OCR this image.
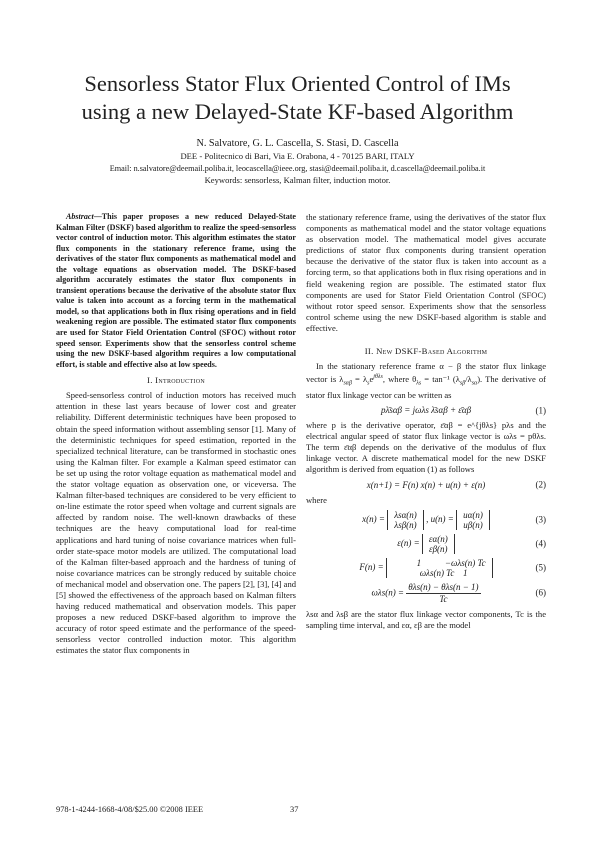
Sensorless Stator Flux Oriented Control of IMs
using a new Delayed-State KF-based Algorithm
N. Salvatore, G. L. Cascella, S. Stasi, D. Cascella
DEE - Politecnico di Bari, Via E. Orabona, 4 - 70125 BARI, ITALY
Email: n.salvatore@deemail.poliba.it, leocascella@ieee.org, stasi@deemail.poliba.it, d.cascella@deemail.poliba.it
Keywords: sensorless, Kalman filter, induction motor.

Abstract—This paper proposes a new reduced Delayed-State Kalman Filter (DSKF) based algorithm to realize the speed-sensorless vector control of induction motor. This algorithm estimates the stator flux components in the stationary reference frame, using the derivatives of the stator flux components as mathematical model and the voltage equations as observation model. The DSKF-based algorithm accurately estimates the stator flux components in transient operations because the derivative of the absolute stator flux value is taken into account as a forcing term in the mathematical model, so that applications both in flux rising operations and in field weakening region are possible. The estimated stator flux components are used for Stator Field Orientation Control (SFOC) without rotor speed sensor. Experiments show that the sensorless control scheme using the new DSKF-based algorithm requires a low computational effort, is stable and effective also at low speeds.

I. Introduction

Speed-sensorless control of induction motors has received much attention in these last years because of lower cost and greater reliability. Different deterministic techniques have been proposed to obtain the speed information without assembling sensor [1]. Many of the deterministic techniques for speed estimation, reported in the specialized technical literature, can be transformed in stochastic ones using the Kalman filter. For example a Kalman speed estimator can be set up using the rotor voltage equation as mathematical model and the stator voltage equation as observation one, or viceversa. The Kalman filter-based techniques are considered to be very efficient to on-line estimate the rotor speed when voltage and current signals are affected by random noise. The well-known drawbacks of these techniques are the heavy computational load for real-time applications and hard tuning of noise covariance matrices when full-order state-space motor models are utilized. The computational load of the Kalman filter-based approach and the hardness of tuning of noise covariance matrices can be strongly reduced by suitable choice of mechanical model and observation one. The papers [2], [3], [4] and [5] showed the effectiveness of the approach based on Kalman filters having reduced mathematical and observation models. This paper proposes a new reduced DSKF-based algorithm to improve the accuracy of rotor speed estimate and the performance of the speed-sensorless vector controlled induction motor. This algorithm estimates the stator flux components in

the stationary reference frame, using the derivatives of the stator flux components as mathematical model and the stator voltage equations as observation model. The mathematical model gives accurate predictions of stator flux components during transient operation because the derivative of the stator flux is taken into account as a forcing term, so that applications both in flux rising operations and in field weakening region are possible. The estimated stator flux components are used for Stator Field Orientation Control (SFOC) without rotor speed sensor. Experiments show that the sensorless control scheme using the new DSKF-based algorithm is stable and effective.

II. New DSKF-Based Algorithm

In the stationary reference frame α − β the stator flux linkage vector is $\lambda_{s\alpha\beta} = \lambda_se^{j\theta\lambda s}$, where $\theta_{\lambda s} = \tan^{-1}$ $(\lambda_{s\beta}/\lambda_{s\alpha})$. The derivative of stator flux linkage vector can be written as

pλ̄sαβ = jωλs λ̄sαβ + ε̄αβ	(1)

where p is the derivative operator, ε̄αβ = e^{jθλs} pλs and the electrical angular speed of stator flux linkage vector is ωλs = pθλs. The term ε̄αβ depends on the derivative of the modulus of flux linkage vector. A discrete mathematical model for the new DSKF algorithm is derived from equation (1) as follows

x(n+1) = F(n) x(n) + u(n) + ε(n)	(2)

where

x(n) = λsα(n)
λsβ(n)
, u(n) = uα(n)
uβ(n)
(3)
ε(n) = εα(n)
εβ(n)
(4)
F(n) =	1	−ωλs(n) Tc
ωλs(n) Tc 1
(5)
$\omega\lambda s(n) = \frac{\text{θλs(n) − θλs(n − 1)}}{Tc}$	(6)

λsα and λsβ are the stator flux linkage vector components, Tc is the sampling time interval, and εα, εβ are the model

978-1-4244-1668-4/08/$25.00 ©2008 IEEE	37
